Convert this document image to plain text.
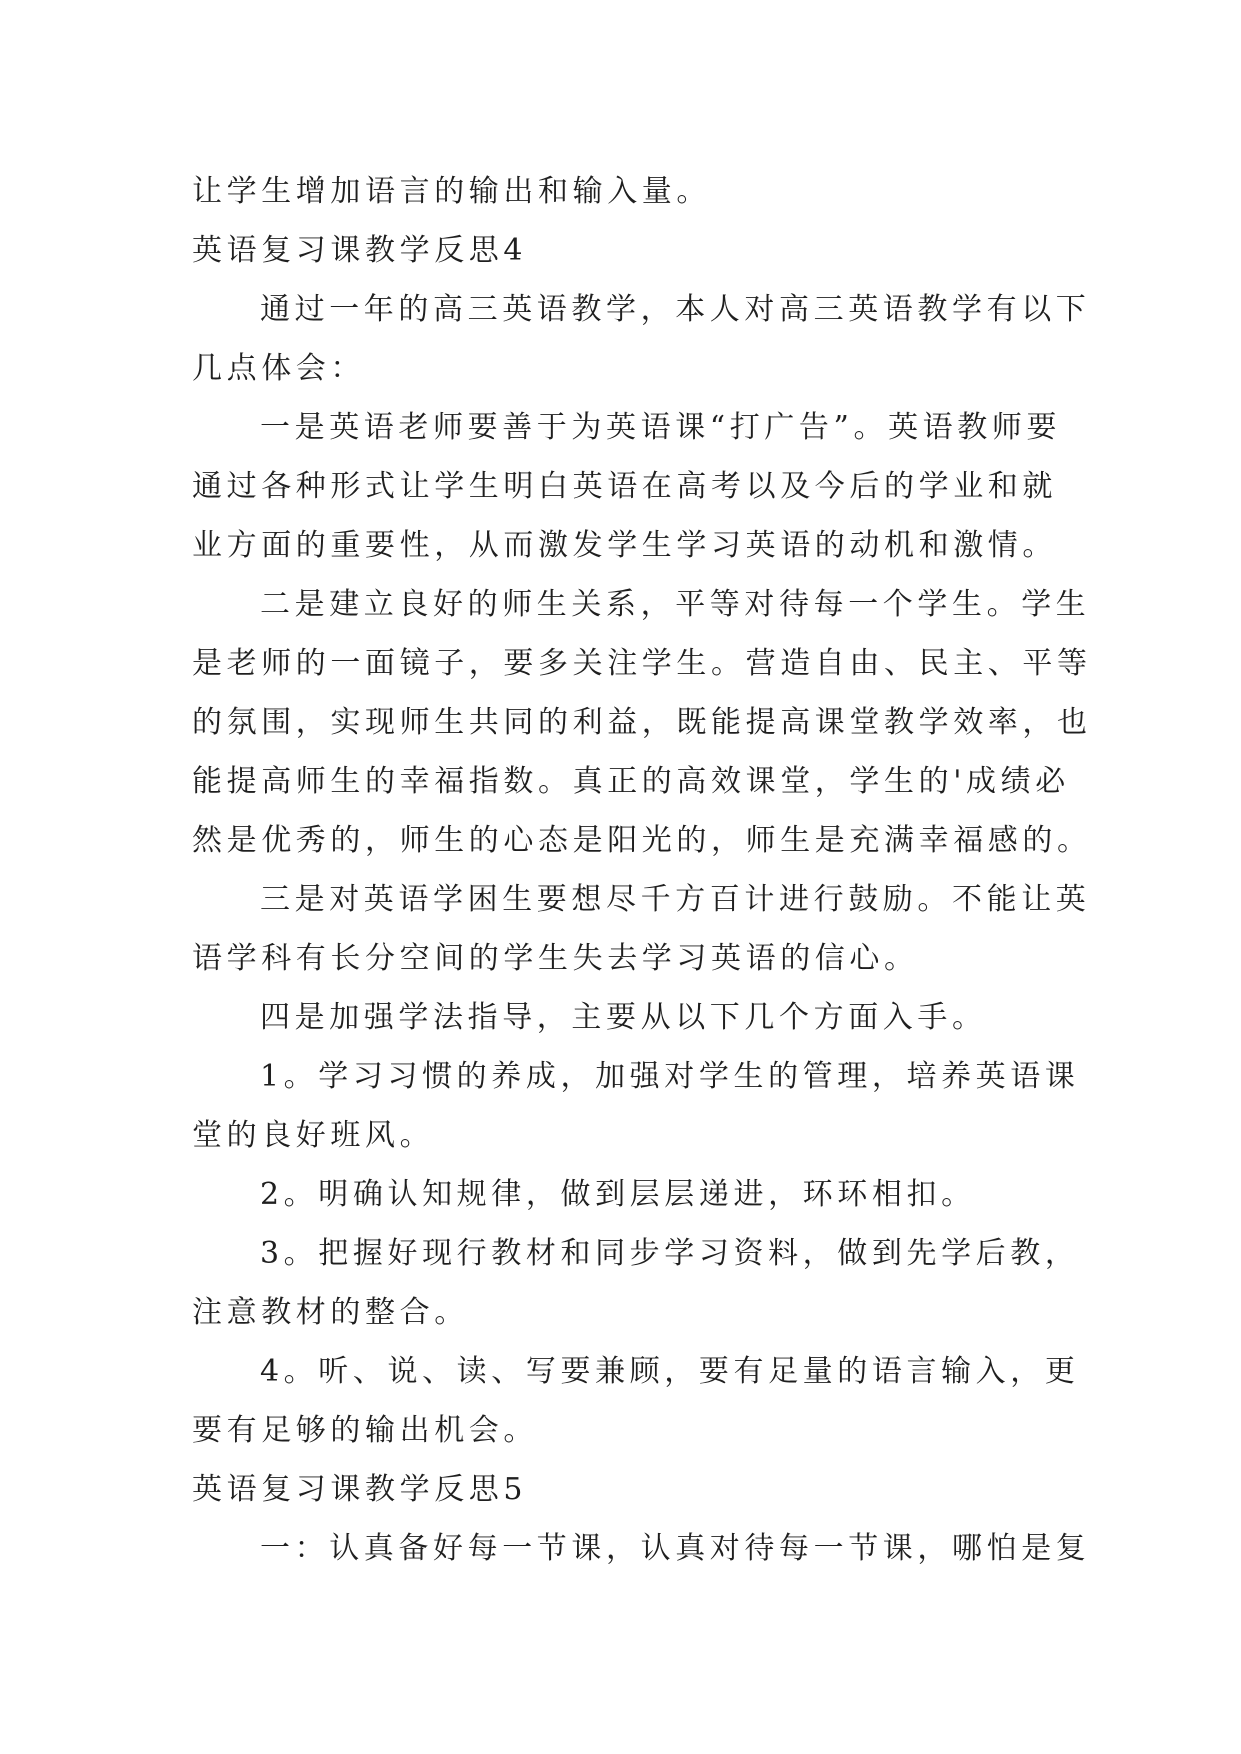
让学生增加语言的输出和输入量。

英语复习课教学反思4

通过一年的高三英语教学，本人对高三英语教学有以下

几点体会：

一是英语老师要善于为英语课“打广告”。英语教师要

通过各种形式让学生明白英语在高考以及今后的学业和就

业方面的重要性，从而激发学生学习英语的动机和激情。

二是建立良好的师生关系，平等对待每一个学生。学生

是老师的一面镜子，要多关注学生。营造自由、民主、平等

的氛围，实现师生共同的利益，既能提高课堂教学效率，也

能提高师生的幸福指数。真正的高效课堂，学生的'成绩必

然是优秀的，师生的心态是阳光的，师生是充满幸福感的。

三是对英语学困生要想尽千方百计进行鼓励。不能让英

语学科有长分空间的学生失去学习英语的信心。

四是加强学法指导，主要从以下几个方面入手。

1。学习习惯的养成，加强对学生的管理，培养英语课

堂的良好班风。

2。明确认知规律，做到层层递进，环环相扣。

3。把握好现行教材和同步学习资料，做到先学后教，

注意教材的整合。

4。听、说、读、写要兼顾，要有足量的语言输入，更

要有足够的输出机会。

英语复习课教学反思5

一：认真备好每一节课，认真对待每一节课，哪怕是复
